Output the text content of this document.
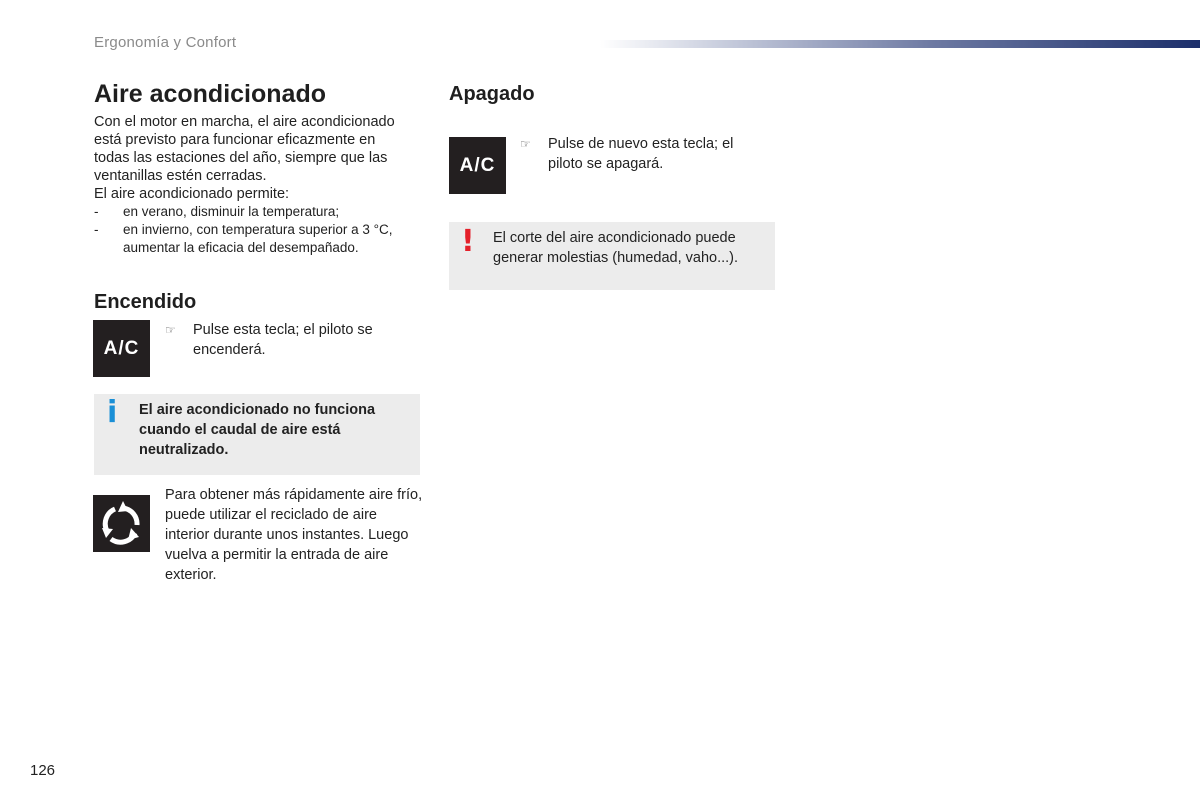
Ergonomía y Confort
Aire acondicionado
Con el motor en marcha, el aire acondicionado
está previsto para funcionar eficazmente en
todas las estaciones del año, siempre que las
ventanillas estén cerradas.
El aire acondicionado permite:
- en verano, disminuir la temperatura;
- en invierno, con temperatura superior a 3 °C, aumentar la eficacia del desempañado.
Encendido
A/C
☞	Pulse esta tecla; el piloto se encenderá.
i El aire acondicionado no funciona cuando el caudal de aire está neutralizado.
Para obtener más rápidamente aire frío, puede utilizar el reciclado de aire interior durante unos instantes. Luego vuelva a permitir la entrada de aire exterior.
Apagado
A/C
☞	Pulse de nuevo esta tecla; el piloto se apagará.
! El corte del aire acondicionado puede generar molestias (humedad, vaho...).
126
